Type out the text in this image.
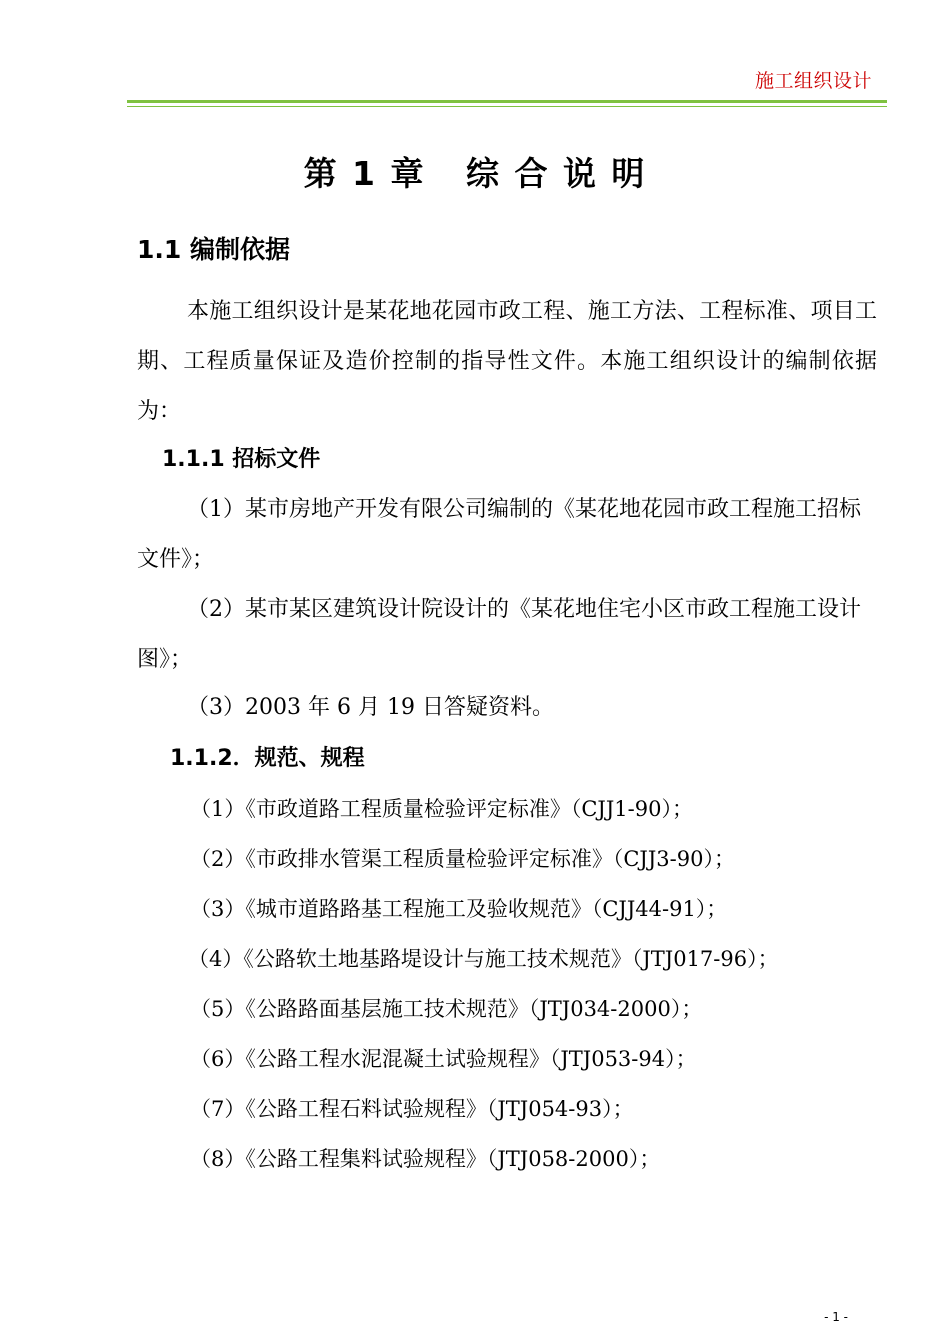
施工组织设计
第 1 章   综 合 说 明
1.1 编制依据
本施工组织设计是某花地花园市政工程、施工方法、工程标准、项目工期、工程质量保证及造价控制的指导性文件。本施工组织设计的编制依据为：
1.1.1 招标文件
（1）某市房地产开发有限公司编制的《某花地花园市政工程施工招标文件》；
（2）某市某区建筑设计院设计的《某花地住宅小区市政工程施工设计图》；
（3）2003 年 6 月 19 日答疑资料。
1.1.2．规范、规程
（1）《市政道路工程质量检验评定标准》（CJJ1-90）；
（2）《市政排水管渠工程质量检验评定标准》（CJJ3-90）；
（3）《城市道路路基工程施工及验收规范》（CJJ44-91）；
（4）《公路软土地基路堤设计与施工技术规范》（JTJ017-96）；
（5）《公路路面基层施工技术规范》（JTJ034-2000）；
（6）《公路工程水泥混凝土试验规程》（JTJ053-94）；
（7）《公路工程石料试验规程》（JTJ054-93）；
（8）《公路工程集料试验规程》（JTJ058-2000）；
- 1 -
